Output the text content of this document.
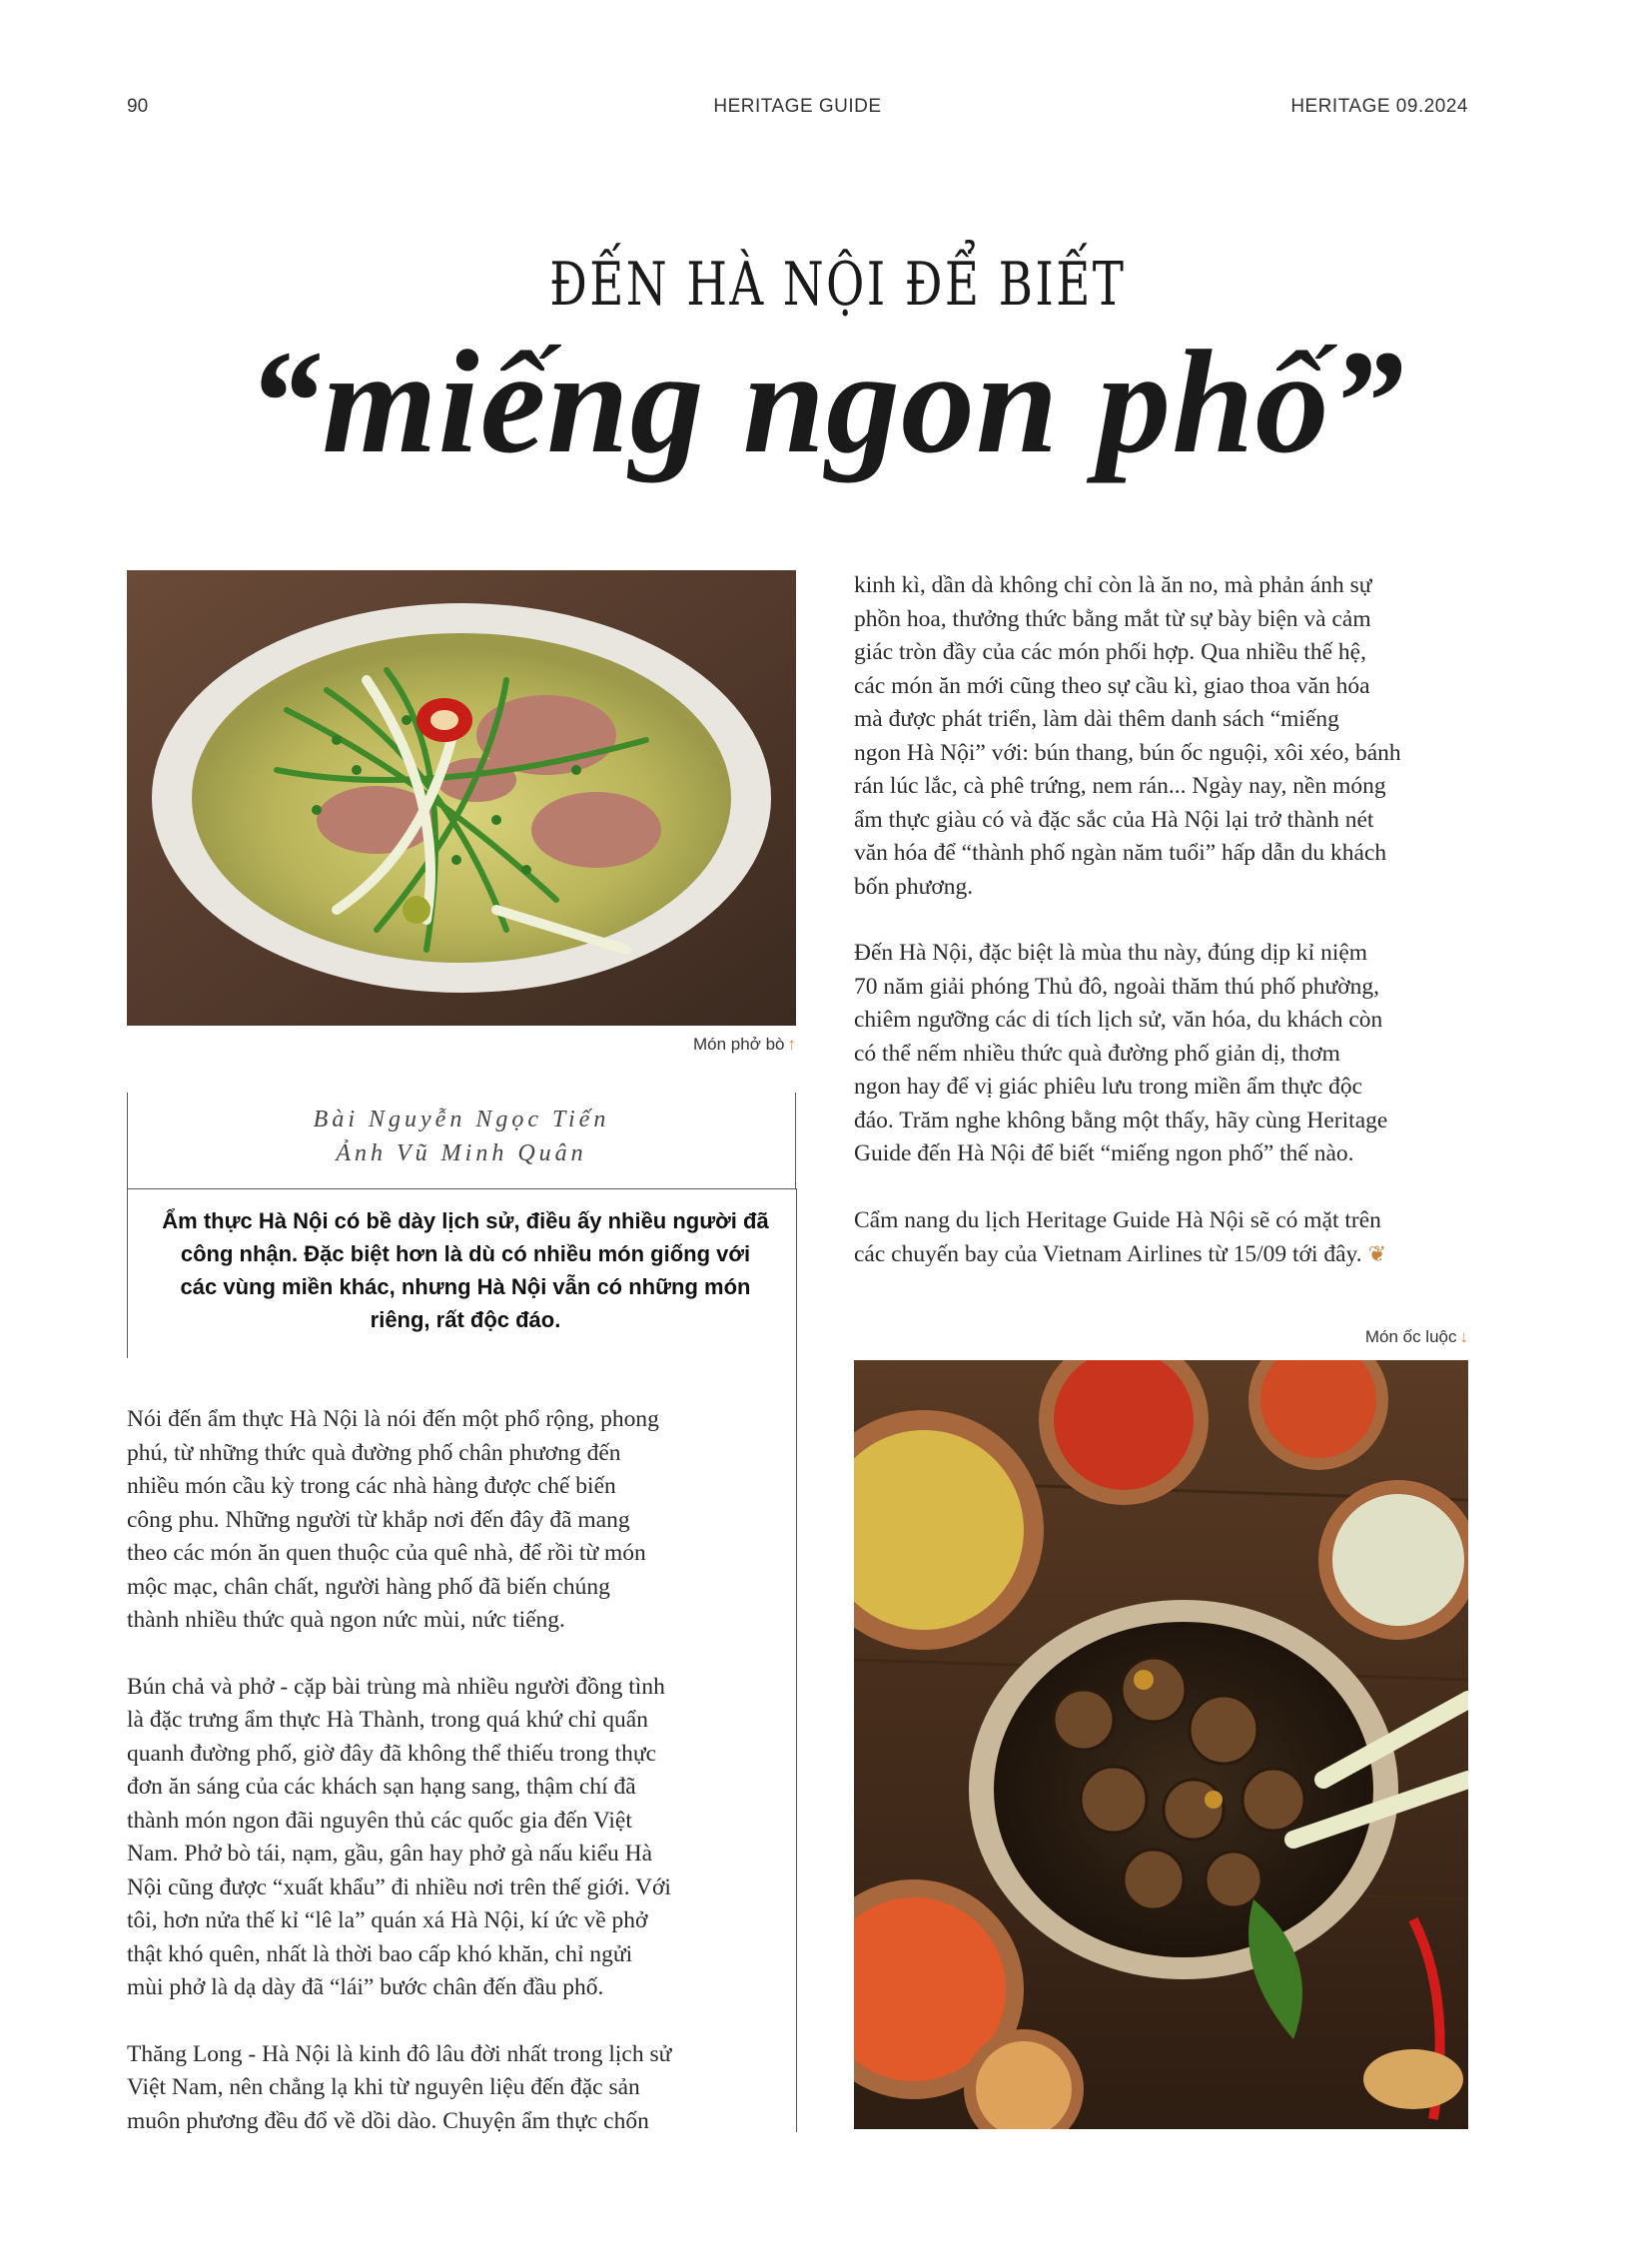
90	HERITAGE GUIDE	HERITAGE 09.2024
ĐẾN HÀ NỘI ĐỂ BIẾT
“miếng ngon phố”
Món phở bò ↑
Bài Nguyễn Ngọc Tiến
Ảnh Vũ Minh Quân

Ẩm thực Hà Nội có bề dày lịch sử, điều ấy nhiều người đã công nhận. Đặc biệt hơn là dù có nhiều món giống với các vùng miền khác, nhưng Hà Nội vẫn có những món riêng, rất độc đáo.

Nói đến ẩm thực Hà Nội là nói đến một phổ rộng, phong
phú, từ những thức quà đường phố chân phương đến
nhiều món cầu kỳ trong các nhà hàng được chế biến
công phu. Những người từ khắp nơi đến đây đã mang
theo các món ăn quen thuộc của quê nhà, để rồi từ món
mộc mạc, chân chất, người hàng phố đã biến chúng
thành nhiều thức quà ngon nức mùi, nức tiếng.

Bún chả và phở - cặp bài trùng mà nhiều người đồng tình
là đặc trưng ẩm thực Hà Thành, trong quá khứ chỉ quẩn
quanh đường phố, giờ đây đã không thể thiếu trong thực
đơn ăn sáng của các khách sạn hạng sang, thậm chí đã
thành món ngon đãi nguyên thủ các quốc gia đến Việt
Nam. Phở bò tái, nạm, gầu, gân hay phở gà nấu kiểu Hà
Nội cũng được “xuất khẩu” đi nhiều nơi trên thế giới. Với
tôi, hơn nửa thế kỉ “lê la” quán xá Hà Nội, kí ức về phở
thật khó quên, nhất là thời bao cấp khó khăn, chỉ ngửi
mùi phở là dạ dày đã “lái” bước chân đến đầu phố.

Thăng Long - Hà Nội là kinh đô lâu đời nhất trong lịch sử
Việt Nam, nên chẳng lạ khi từ nguyên liệu đến đặc sản
muôn phương đều đổ về dồi dào. Chuyện ẩm thực chốn

kinh kì, dần dà không chỉ còn là ăn no, mà phản ánh sự
phồn hoa, thưởng thức bằng mắt từ sự bày biện và cảm
giác tròn đầy của các món phối hợp. Qua nhiều thế hệ,
các món ăn mới cũng theo sự cầu kì, giao thoa văn hóa
mà được phát triển, làm dài thêm danh sách “miếng
ngon Hà Nội” với: bún thang, bún ốc nguội, xôi xéo, bánh
rán lúc lắc, cà phê trứng, nem rán... Ngày nay, nền móng
ẩm thực giàu có và đặc sắc của Hà Nội lại trở thành nét
văn hóa để “thành phố ngàn năm tuổi” hấp dẫn du khách
bốn phương.

Đến Hà Nội, đặc biệt là mùa thu này, đúng dịp kỉ niệm
70 năm giải phóng Thủ đô, ngoài thăm thú phố phường,
chiêm ngưỡng các di tích lịch sử, văn hóa, du khách còn
có thể nếm nhiều thức quà đường phố giản dị, thơm
ngon hay để vị giác phiêu lưu trong miền ẩm thực độc
đáo. Trăm nghe không bằng một thấy, hãy cùng Heritage
Guide đến Hà Nội để biết “miếng ngon phố” thế nào.

Cẩm nang du lịch Heritage Guide Hà Nội sẽ có mặt trên
các chuyến bay của Vietnam Airlines từ 15/09 tới đây. ❦

Món ốc luộc ↓
